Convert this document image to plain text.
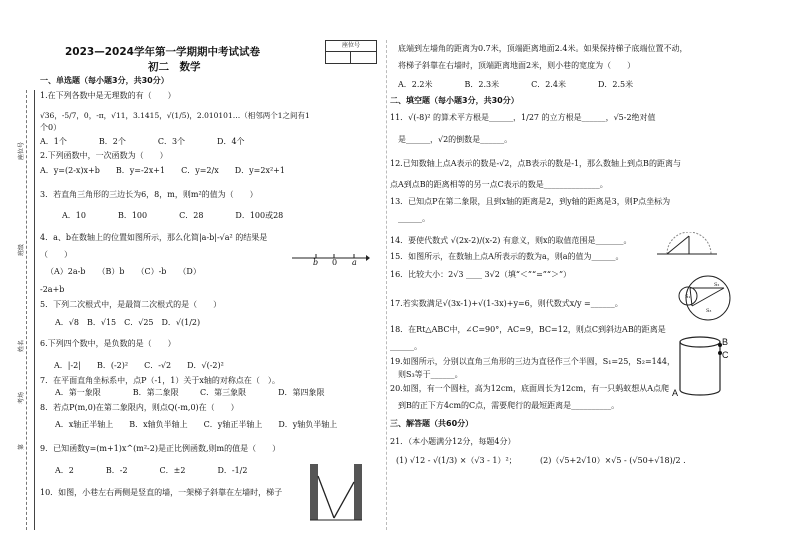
座位号
班级
姓名
考场
第
2023—2024学年第一学期期中考试试卷
初二　数学
座位号
一、单选题（每小题3分，共30分）
1.在下列各数中是无理数的有（　　）
√36，-5/7，0，-π，√11，3.1415，√(1/5)，2.010101…（相邻两个1之间有1
个0）
A．1个　　　　B．2个　　　　C．3个　　　　D．4个
2.下列函数中，一次函数为（　　）
A．y=(2-x)x+b　　B．y=-2x+1　　C．y=2/x　　D．y=2x²+1
3．若直角三角形的三边长为6，8，m，则m²的值为（　　）
A．10　　　　B．100　　　　C．28　　　　D．100或28
4．a、b在数轴上的位置如图所示，那么化简|a-b|-√a² 的结果是
（　　）
（A）2a-b　　（B）b　　（C）-b　　（D）
-2a+b
b 0 a
5．下列二次根式中，是最简二次根式的是（　　）
A．√8　B．√15　C．√25　D．√(1/2)
6.下列四个数中，是负数的是（　　）
A．|-2|　　B．(-2)²　　C．-√2　　D．√(-2)²
7．在平面直角坐标系中，点P（-1，1）关于x轴的对称点在（　）。
A．第一象限　　　　B．第二象限	C．第三象限　　　　D．第四象限
8．若点P(m,0)在第二象限内，则点Q(-m,0)在（　　）
A．x轴正半轴上　　B．x轴负半轴上　　C．y轴正半轴上　　D．y轴负半轴上
9．已知函数y=(m+1)x^(m²-2)是正比例函数,则m的值是（　　）
A．2　　　　B．-2　　　　C．±2　　　　D．-1/2
10．如图，小巷左右两侧是竖直的墙，一架梯子斜靠在左墙时，梯子
底端到左墙角的距离为0.7米，顶端距离地面2.4米。如果保持梯子底端位置不动，
将梯子斜靠在右墙时，顶端距离地面2米，则小巷的宽度为（　　）
A．2.2米　　　　B．2.3米　　　　C．2.4米　　　　D．2.5米
二、填空题（每小题3分，共30分）
11．√(-8)² 的算术平方根是______，1/27 的立方根是______，√5-2绝对值
是______，√2的倒数是______。
12.已知数轴上点A表示的数是-√2，点B表示的数是-1，那么数轴上到点B的距离与
点A到点B的距离相等的另一点C表示的数是______________。
13．已知点P在第二象限，且到x轴的距离是2，到y轴的距离是3，则P点坐标为
______。
14．要使代数式 √(2x-2)/(x-2) 有意义，则x的取值范围是_______。
15．如图所示，在数轴上点A所表示的数为a，则a的值为______。
16．比较大小：2√3 ____ 3√2（填“＜”“=”“＞”）
S₁
S₂
S₃
17.若实数满足√(3x-1)+√(1-3x)+y=6，则代数式x/y =______。
18．在Rt△ABC中，∠C=90°，AC=9，BC=12，则点C到斜边AB的距离是
______。
19.如图所示，分别以直角三角形的三边为直径作三个半圆，S₁=25，S₂=144，
则S₃等于______。
20.如图，有一个圆柱，高为12cm，底面周长为12cm，有一只蚂蚁想从A点爬
到B的正下方4cm的C点，需要爬行的最短距离是__________。
B
C
A
三、解答题（共60分）
21．（本小题满分12分，每题4分）
(1) √12 - √(1/3) ×（√3 - 1）²；	(2)（√5+2√10）×√5 - (√50+√18)/2 .
